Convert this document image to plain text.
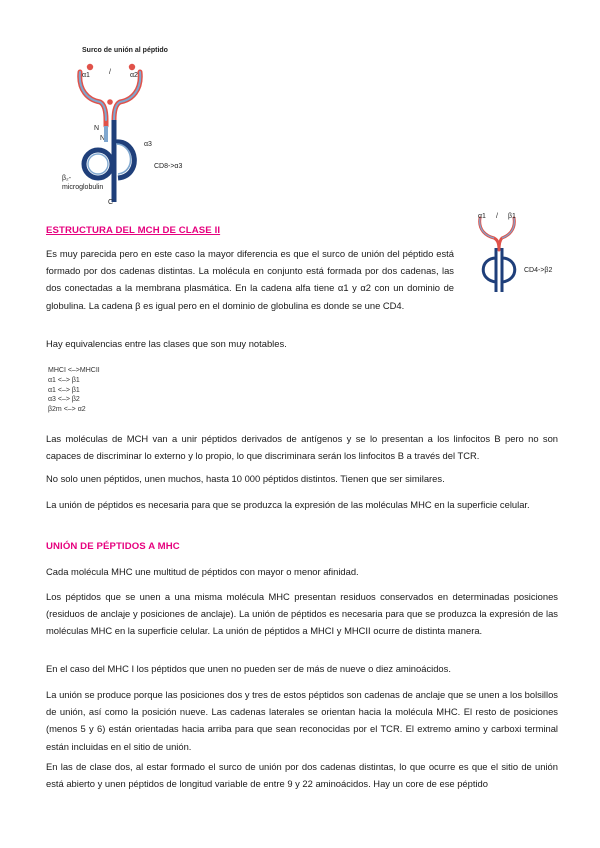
Surco de unión al péptido
α1	α2
/
N
N
α3
β₂-
microglobulin
C
CD8->α3
α1	β1
/
CD4->β2
ESTRUCTURA DEL MCH DE CLASE II

Es muy parecida pero en este caso la mayor diferencia es que el surco de unión del péptido está formado por dos cadenas distintas. La molécula en conjunto está formada por dos cadenas, las dos conectadas a la membrana plasmática. En la cadena alfa tiene α1 y α2 con un dominio de globulina. La cadena β es igual pero en el dominio de globulina es donde se une CD4.

Hay equivalencias entre las clases que son muy notables.

MHCI <–>MHCII
α1 <–> β1
α1 <–> β1
α3 <–> β2
β2m <–> α2

Las moléculas de MCH van a unir péptidos derivados de antígenos y se lo presentan a los linfocitos B pero no son capaces de discriminar lo externo y lo propio, lo que discriminara serán los linfocitos B a través del TCR.

No solo unen péptidos, unen muchos, hasta 10 000 péptidos distintos. Tienen que ser similares.

La unión de péptidos es necesaria para que se produzca la expresión de las moléculas MHC en la superficie celular.

UNIÓN DE PÉPTIDOS A MHC

Cada molécula MHC une multitud de péptidos con mayor o menor afinidad.

Los péptidos que se unen a una misma molécula MHC presentan residuos conservados en determinadas posiciones (residuos de anclaje y posiciones de anclaje). La unión de péptidos es necesaria para que se produzca la expresión de las moléculas MHC en la superficie celular. La unión de péptidos a MHCI y MHCII ocurre de distinta manera.

En el caso del MHC I los péptidos que unen no pueden ser de más de nueve o diez aminoácidos.

La unión se produce porque las posiciones dos y tres de estos péptidos son cadenas de anclaje que se unen a los bolsillos de unión, así como la posición nueve. Las cadenas laterales se orientan hacia la molécula MHC. El resto de posiciones (menos 5 y 6) están orientadas hacia arriba para que sean reconocidas por el TCR. El extremo amino y carboxi terminal están incluidas en el sitio de unión.

En las de clase dos, al estar formado el surco de unión por dos cadenas distintas, lo que ocurre es que el sitio de unión está abierto y unen péptidos de longitud variable de entre 9 y 22 aminoácidos. Hay un core de ese péptido
